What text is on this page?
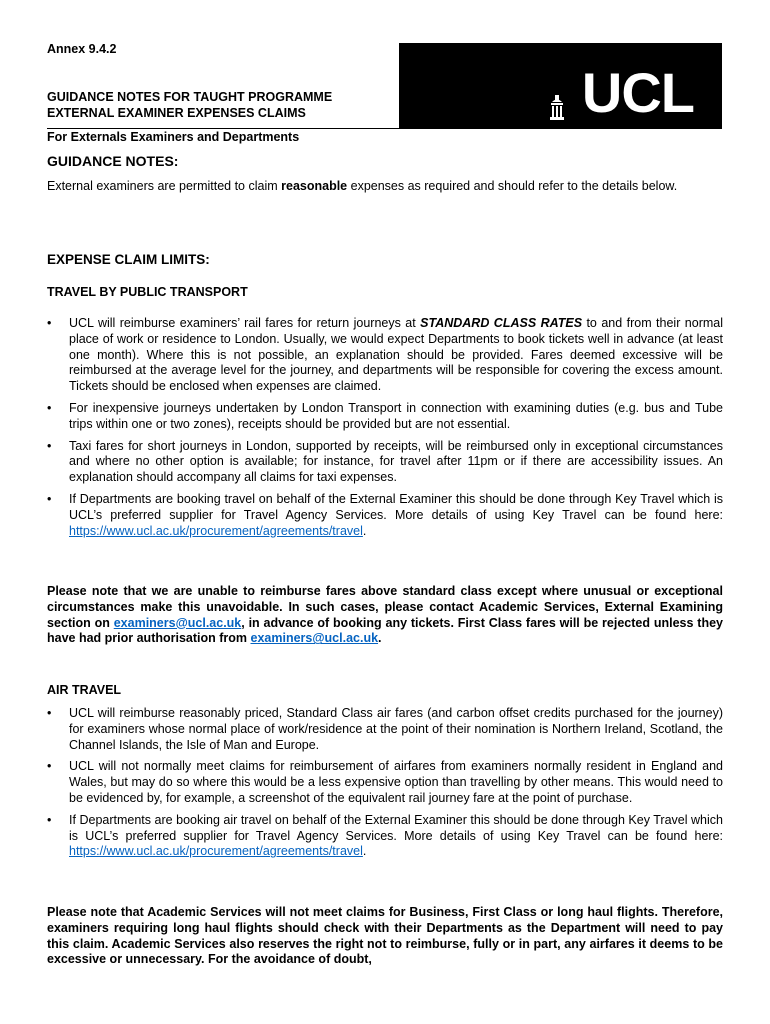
Annex 9.4.2
GUIDANCE NOTES FOR TAUGHT PROGRAMME
EXTERNAL EXAMINER EXPENSES CLAIMS	UCL
For Externals Examiners and Departments
GUIDANCE NOTES:
External examiners are permitted to claim reasonable expenses as required and should refer to the details below.
EXPENSE CLAIM LIMITS:
TRAVEL BY PUBLIC TRANSPORT
• UCL will reimburse examiners’ rail fares for return journeys at STANDARD CLASS RATES to and from their normal place of work or residence to London. Usually, we would expect Departments to book tickets well in advance (at least one month). Where this is not possible, an explanation should be provided. Fares deemed excessive will be reimbursed at the average level for the journey, and departments will be responsible for covering the excess amount. Tickets should be enclosed when expenses are claimed.
• For inexpensive journeys undertaken by London Transport in connection with examining duties (e.g. bus and Tube trips within one or two zones), receipts should be provided but are not essential.
• Taxi fares for short journeys in London, supported by receipts, will be reimbursed only in exceptional circumstances and where no other option is available; for instance, for travel after 11pm or if there are accessibility issues. An explanation should accompany all claims for taxi expenses.
• If Departments are booking travel on behalf of the External Examiner this should be done through Key Travel which is UCL’s preferred supplier for Travel Agency Services. More details of using Key Travel can be found here: https://www.ucl.ac.uk/procurement/agreements/travel.
Please note that we are unable to reimburse fares above standard class except where unusual or exceptional circumstances make this unavoidable. In such cases, please contact Academic Services, External Examining section on examiners@ucl.ac.uk, in advance of booking any tickets. First Class fares will be rejected unless they have had prior authorisation from examiners@ucl.ac.uk.
AIR TRAVEL
• UCL will reimburse reasonably priced, Standard Class air fares (and carbon offset credits purchased for the journey) for examiners whose normal place of work/residence at the point of their nomination is Northern Ireland, Scotland, the Channel Islands, the Isle of Man and Europe.
• UCL will not normally meet claims for reimbursement of airfares from examiners normally resident in England and Wales, but may do so where this would be a less expensive option than travelling by other means. This would need to be evidenced by, for example, a screenshot of the equivalent rail journey fare at the point of purchase.
• If Departments are booking air travel on behalf of the External Examiner this should be done through Key Travel which is UCL’s preferred supplier for Travel Agency Services. More details of using Key Travel can be found here: https://www.ucl.ac.uk/procurement/agreements/travel.
Please note that Academic Services will not meet claims for Business, First Class or long haul flights. Therefore, examiners requiring long haul flights should check with their Departments as the Department will need to pay this claim. Academic Services also reserves the right not to reimburse, fully or in part, any airfares it deems to be excessive or unnecessary. For the avoidance of doubt,
